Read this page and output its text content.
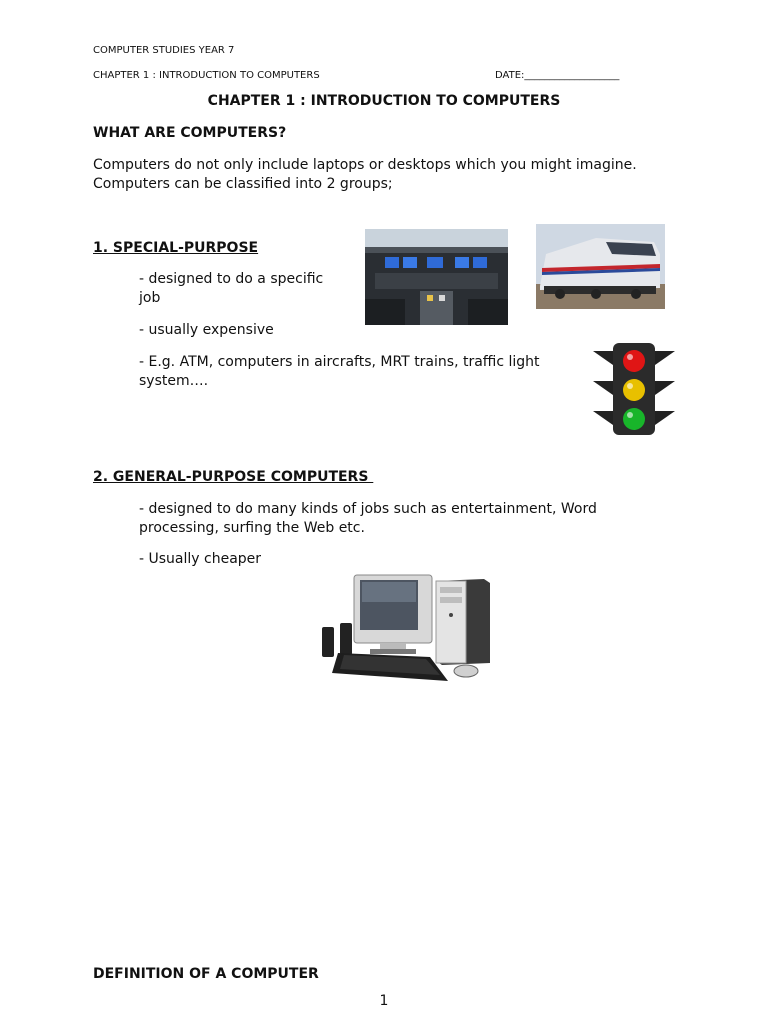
COMPUTER STUDIES YEAR 7
CHAPTER 1 : INTRODUCTION TO COMPUTERS	DATE:___________________
CHAPTER 1 : INTRODUCTION TO COMPUTERS
WHAT ARE COMPUTERS?
Computers do not only include laptops or desktops which you might imagine.
Computers can be classified into 2 groups;
1. SPECIAL-PURPOSE
- designed to do a specific
job
- usually expensive
- E.g. ATM, computers in aircrafts, MRT trains, traffic light
system….
2. GENERAL-PURPOSE COMPUTERS
- designed to do many kinds of jobs such as entertainment, Word
processing, surfing the Web etc.
- Usually cheaper
DEFINITION OF A COMPUTER
1
